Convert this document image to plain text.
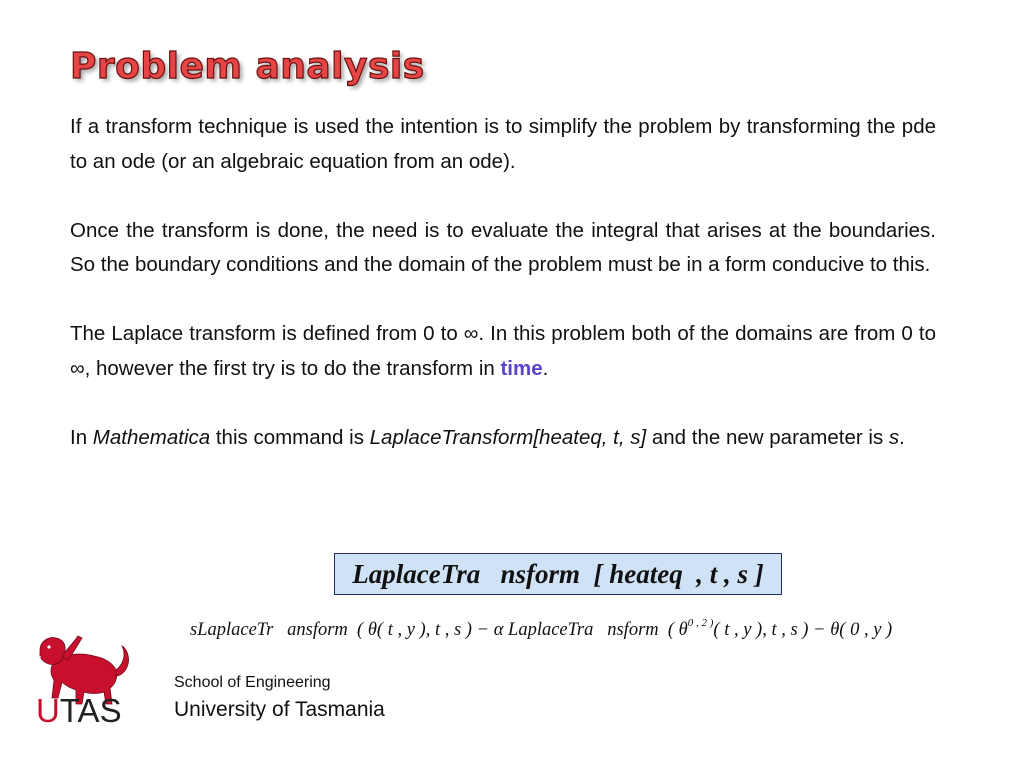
Problem analysis

If a transform technique is used the intention is to simplify the problem by transforming the pde to an ode (or an algebraic equation from an ode).

Once the transform is done, the need is to evaluate the integral that arises at the boundaries. So the boundary conditions and the domain of the problem must be in a form conducive to this.

The Laplace transform is defined from 0 to ∞. In this problem both of the domains are from 0 to ∞, however the first try is to do the transform in time.

In Mathematica this command is LaplaceTransform[heateq, t, s] and the new parameter is s.

LaplaceTra   nsform  [ heateq  , t , s ]
sLaplaceTr   ansform  ( θ( t , y ), t , s ) − α LaplaceTra   nsform  ( $\theta^{0 , 2 )}$( t , y ), t , s ) − θ( 0 , y )
UTAS
School of Engineering
University of Tasmania
